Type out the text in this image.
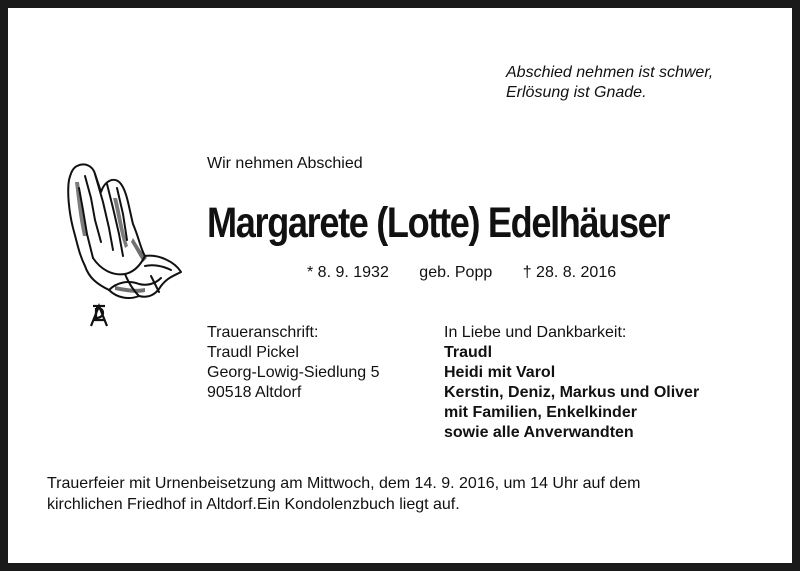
Abschied nehmen ist schwer,
Erlösung ist Gnade.
Wir nehmen Abschied
Margarete (Lotte) Edelhäuser
* 8. 9. 1932 geb. Popp † 28. 8. 2016
Traueranschrift:
Traudl Pickel
Georg-Lowig-Siedlung 5
90518 Altdorf
In Liebe und Dankbarkeit:
Traudl
Heidi mit Varol
Kerstin, Deniz, Markus und Oliver
mit Familien, Enkelkinder
sowie alle Anverwandten
Trauerfeier mit Urnenbeisetzung am Mittwoch, dem 14. 9. 2016, um 14 Uhr auf dem
kirchlichen Friedhof in Altdorf.Ein Kondolenzbuch liegt auf.
